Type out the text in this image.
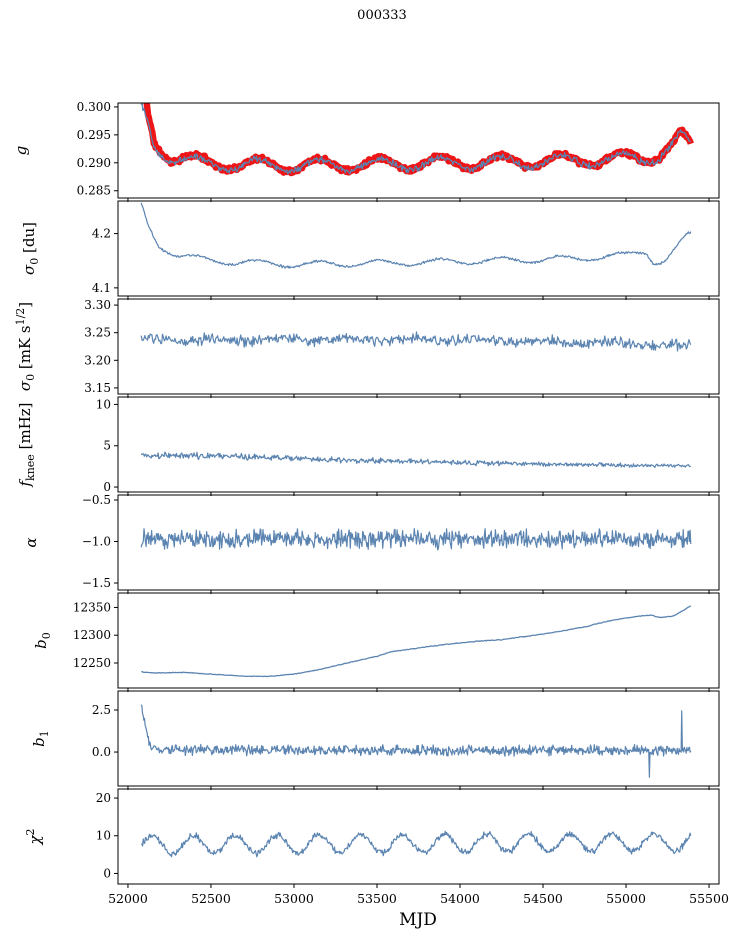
000333
0.285
0.290
0.295
0.300
g
4.1
4.2
$\sigma_0$ [du]
3.15
3.20
3.25
3.30
$\sigma_0$ [mK $s^{1/2}$]
0
5
10
$f_{knee}$ [mHz]
−1.5
−1.0
−0.5
α
12250
12300
12350
$b_0$
0.0
2.5
$b_1$
0
10
20
52000	52500	53000	53500	54000	54500	55000	55500
$\chi^2$
MJD
